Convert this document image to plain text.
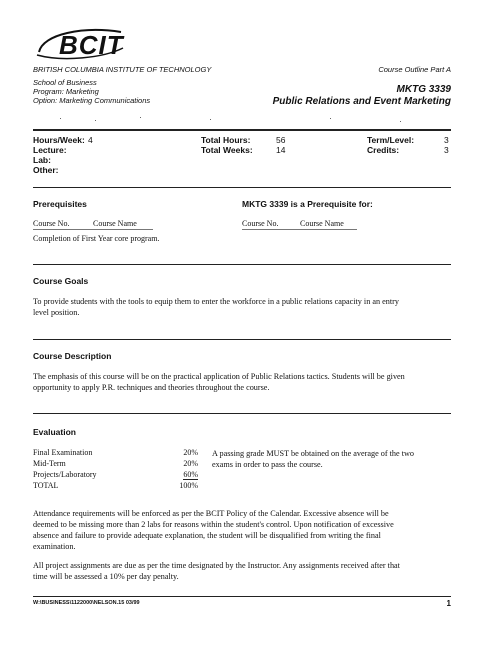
BCIT
BRITISH COLUMBIA INSTITUTE OF TECHNOLOGY	Course Outline Part A
School of Business
Program: Marketing
Option: Marketing Communications
MKTG 3339
Public Relations and Event Marketing
Hours/Week: 4
Lecture:
Lab:
Other:
Total Hours:	56
Total Weeks:	14
Term/Level:	3
Credits:	3
Prerequisites	MKTG 3339 is a Prerequisite for:
Course No.	Course Name	Course No.	Course Name
Completion of First Year core program.
Course Goals
To provide students with the tools to equip them to enter the workforce in a public relations capacity in an entry
level position.
Course Description
The emphasis of this course will be on the practical application of Public Relations tactics. Students will be given
opportunity to apply P.R. techniques and theories throughout the course.
Evaluation
Final Examination	20%
Mid-Term	20%
Projects/Laboratory	60%
TOTAL	100%
A passing grade MUST be obtained on the average of the two
exams in order to pass the course.
Attendance requirements will be enforced as per the BCIT Policy of the Calendar. Excessive absence will be
deemed to be missing more than 2 labs for reasons within the student's control. Upon notification of excessive
absence and failure to provide adequate explanation, the student will be disqualified from writing the final
examination.
All project assignments are due as per the time designated by the Instructor. Any assignments received after that
time will be assessed a 10% per day penalty.
W:\BUSINESS\1122000\NELSON.15 03/99	1
